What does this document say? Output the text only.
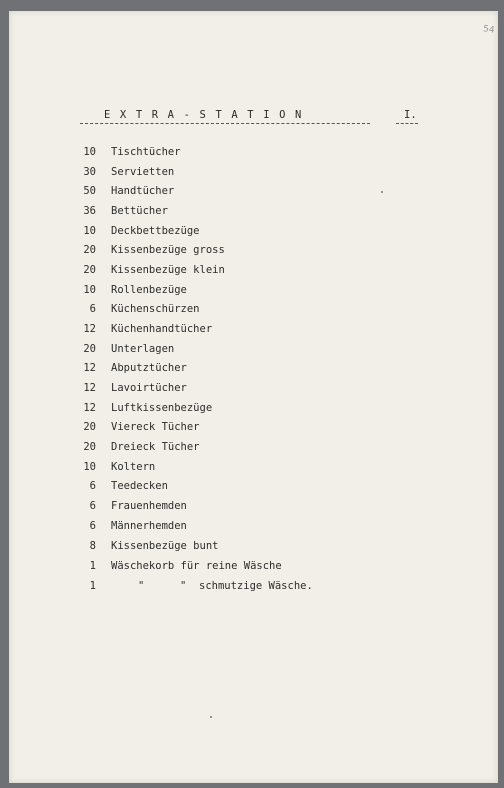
54
EXTRA-STATION	I.
10 Tischtücher
30 Servietten
50 Handtücher
36 Bettücher
10 Deckbettbezüge
20 Kissenbezüge gross
20 Kissenbezüge klein
10 Rollenbezüge
6 Küchenschürzen
12 Küchenhandtücher
20 Unterlagen
12 Abputztücher
12 Lavoirtücher
12 Luftkissenbezüge
20 Viereck Tücher
20 Dreieck Tücher
10 Koltern
6 Teedecken
6 Frauenhemden
6 Männerhemden
8 Kissenbezüge bunt
1 Wäschekorb für reine Wäsche
1	"	" schmutzige Wäsche.
